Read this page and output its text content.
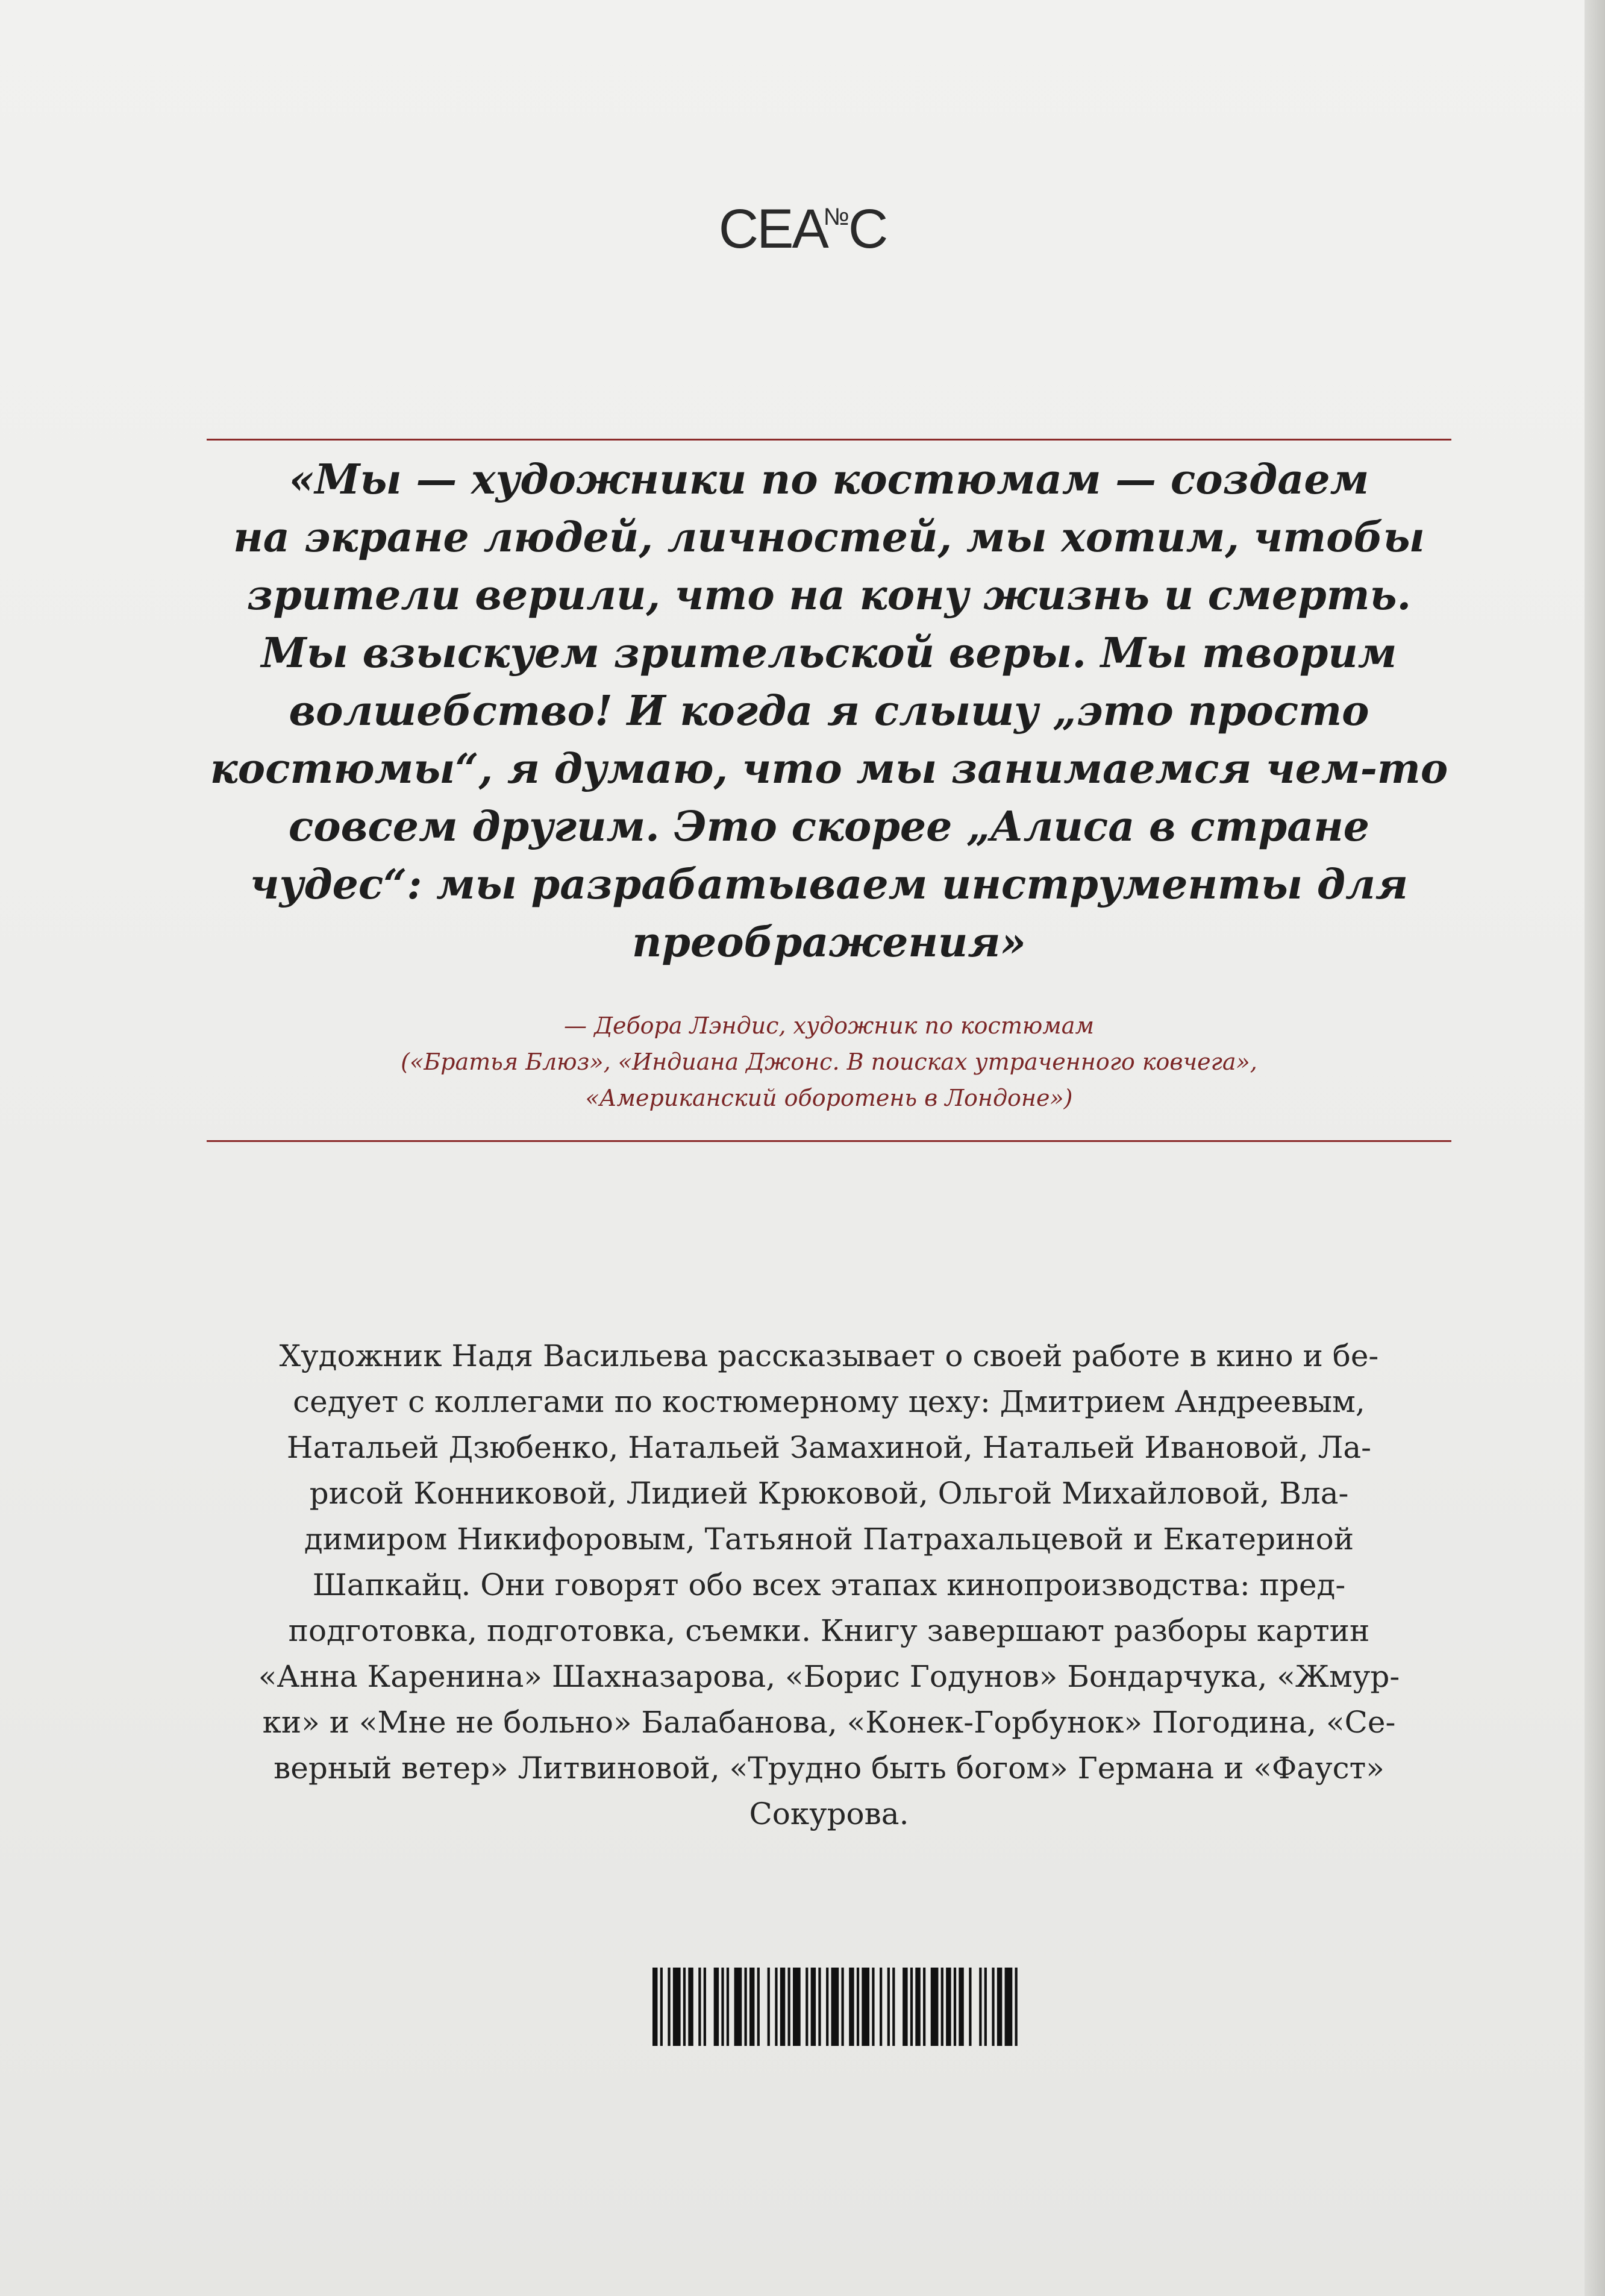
СЕА№С
«Мы — художники по костюмам — создаем
на экране людей, личностей, мы хотим, чтобы
зрители верили, что на кону жизнь и смерть.
Мы взыскуем зрительской веры. Мы творим
волшебство! И когда я слышу „это просто
костюмы“, я думаю, что мы занимаемся чем-то
совсем другим. Это скорее „Алиса в стране
чудес“: мы разрабатываем инструменты для
преображения»
— Дебора Лэндис, художник по костюмам
(«Братья Блюз», «Индиана Джонс. В поисках утраченного ковчега»,
«Американский оборотень в Лондоне»)
Художник Надя Васильева рассказывает о своей работе в кино и бе-
седует с коллегами по костюмерному цеху: Дмитрием Андреевым,
Натальей Дзюбенко, Натальей Замахиной, Натальей Ивановой, Ла-
рисой Конниковой, Лидией Крюковой, Ольгой Михайловой, Вла-
димиром Никифоровым, Татьяной Патрахальцевой и Екатериной
Шапкайц. Они говорят обо всех этапах кинопроизводства: пред-
подготовка, подготовка, съемки. Книгу завершают разборы картин
«Анна Каренина» Шахназарова, «Борис Годунов» Бондарчука, «Жмур-
ки» и «Мне не больно» Балабанова, «Конек-Горбунок» Погодина, «Се-
верный ветер» Литвиновой, «Трудно быть богом» Германа и «Фауст»
Сокурова.
